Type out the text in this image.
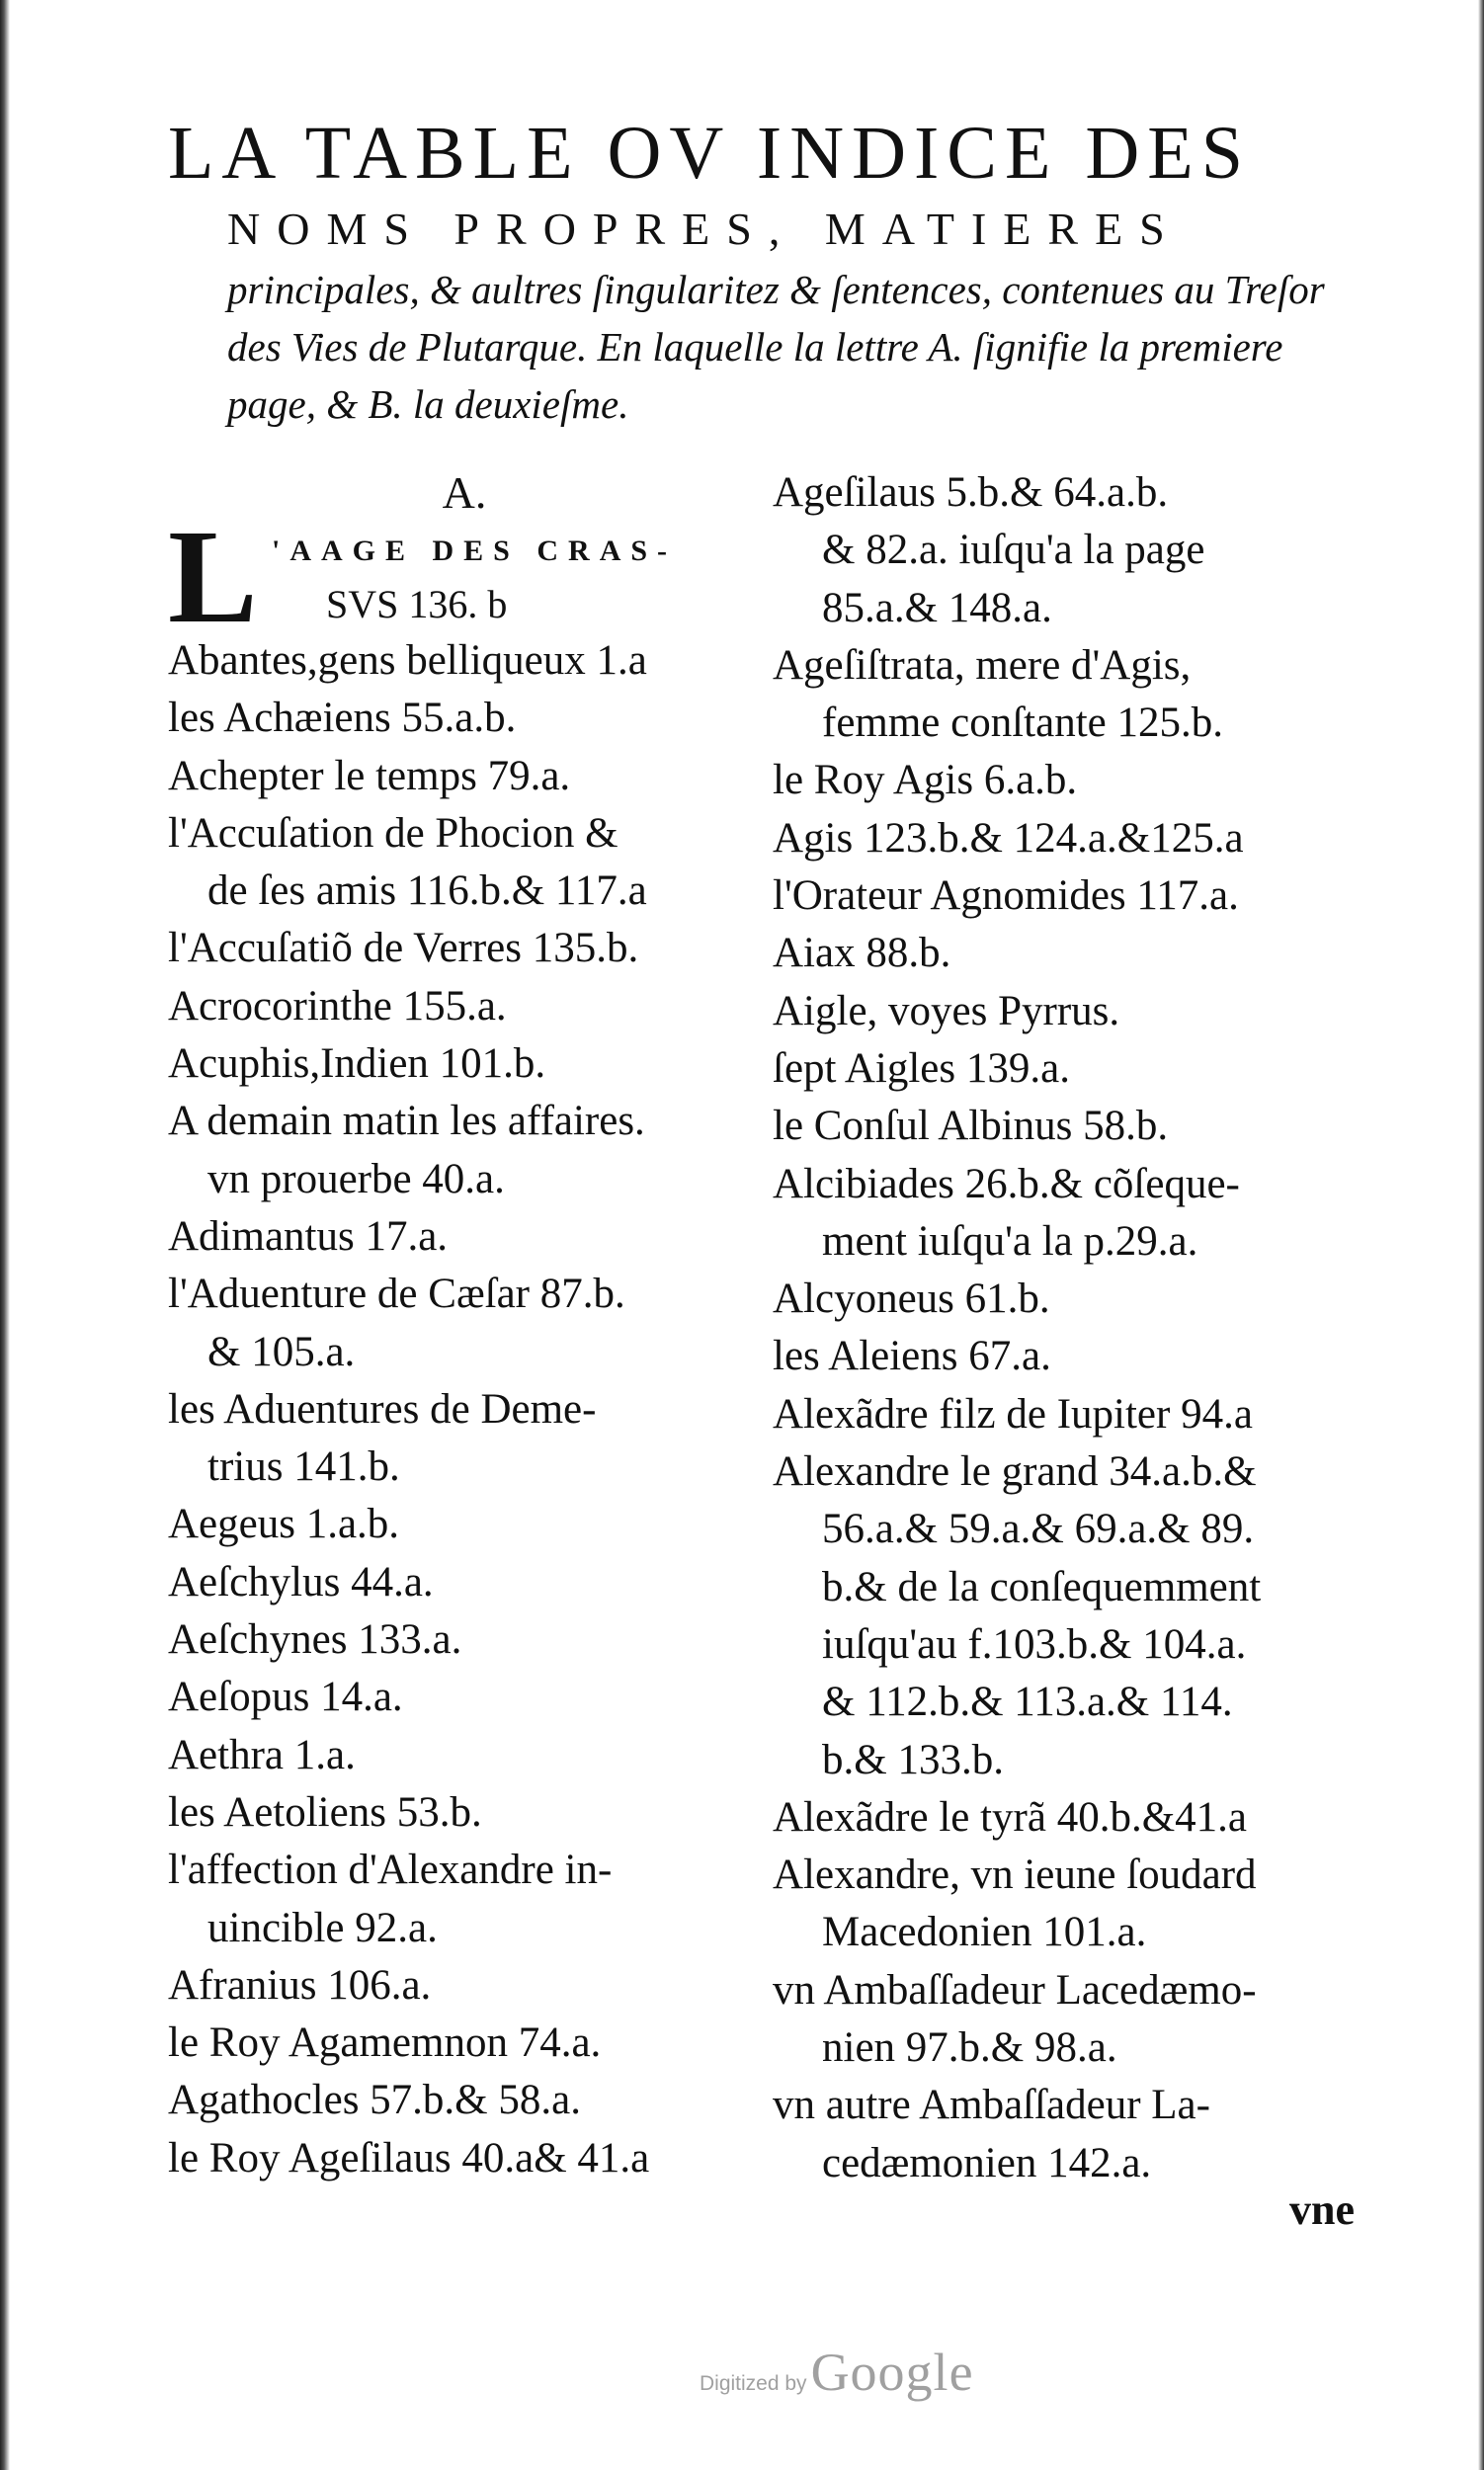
LA TABLE OV INDICE DES
NOMS PROPRES, MATIERES
principales, & aultres ſingularitez & ſentences, contenues au Treſor des Vies de Plutarque. En laquelle la lettre A. ſignifie la premiere page, & B. la deuxieſme.
A.
L 'AAGE DES CRAS-
SVS 136. b
Abantes,gens belliqueux 1.a
les Achæiens 55.a.b.
Achepter le temps 79.a.
l'Accuſation de Phocion &
de ſes amis 116.b.& 117.a
l'Accuſatiõ de Verres 135.b.
Acrocorinthe 155.a.
Acuphis,Indien 101.b.
A demain matin les affaires.
vn prouerbe 40.a.
Adimantus 17.a.
l'Aduenture de Cæſar 87.b.
& 105.a.
les Aduentures de Deme-
trius 141.b.
Aegeus 1.a.b.
Aeſchylus 44.a.
Aeſchynes 133.a.
Aeſopus 14.a.
Aethra 1.a.
les Aetoliens 53.b.
l'affection d'Alexandre in-
uincible 92.a.
Afranius 106.a.
le Roy Agamemnon 74.a.
Agathocles 57.b.& 58.a.
le Roy Ageſilaus 40.a& 41.a
Ageſilaus 5.b.& 64.a.b.
& 82.a. iuſqu'a la page
85.a.& 148.a.
Ageſiſtrata, mere d'Agis,
femme conſtante 125.b.
le Roy Agis 6.a.b.
Agis 123.b.& 124.a.&125.a
l'Orateur Agnomides 117.a.
Aiax 88.b.
Aigle, voyes Pyrrus.
ſept Aigles 139.a.
le Conſul Albinus 58.b.
Alcibiades 26.b.& cõſeque-
ment iuſqu'a la p.29.a.
Alcyoneus 61.b.
les Aleiens 67.a.
Alexãdre filz de Iupiter 94.a
Alexandre le grand 34.a.b.&
56.a.& 59.a.& 69.a.& 89.
b.& de la conſequemment
iuſqu'au f.103.b.& 104.a.
& 112.b.& 113.a.& 114.
b.& 133.b.
Alexãdre le tyrã 40.b.&41.a
Alexandre, vn ieune ſoudard
Macedonien 101.a.
vn Ambaſſadeur Lacedæmo-
nien 97.b.& 98.a.
vn autre Ambaſſadeur La-
cedæmonien 142.a.
vne
Digitized by Google
